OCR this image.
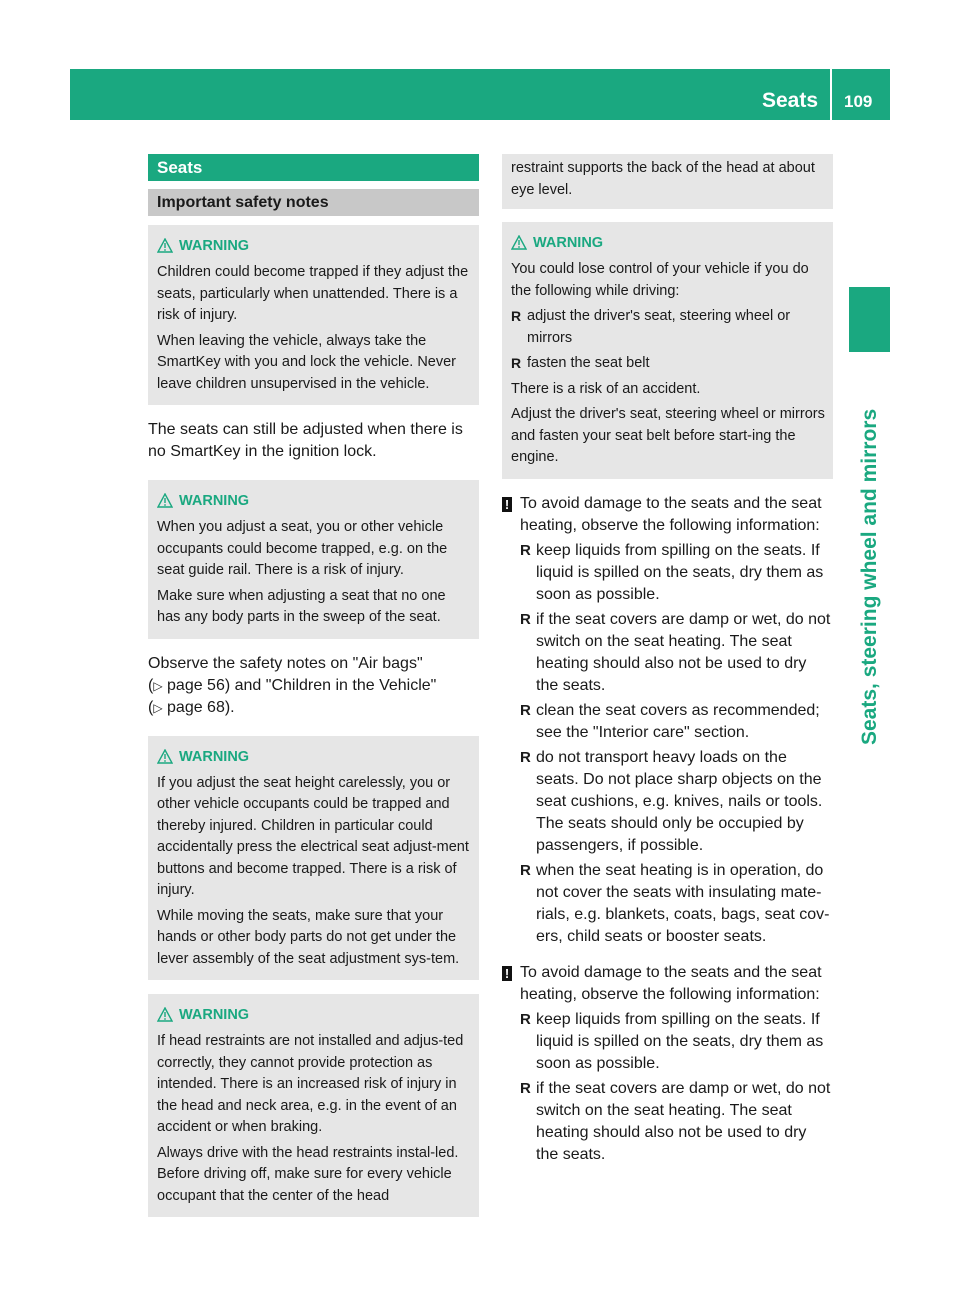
Seats 109
Seats, steering wheel and mirrors
Seats
Important safety notes
WARNING

Children could become trapped if they adjust the seats, particularly when unattended. There is a risk of injury.

When leaving the vehicle, always take the SmartKey with you and lock the vehicle. Never leave children unsupervised in the vehicle.

The seats can still be adjusted when there is no SmartKey in the ignition lock.

WARNING

When you adjust a seat, you or other vehicle occupants could become trapped, e.g. on the seat guide rail. There is a risk of injury.

Make sure when adjusting a seat that no one has any body parts in the sweep of the seat.

Observe the safety notes on "Air bags"
(▷ page 56) and "Children in the Vehicle"
(▷ page 68).

WARNING

If you adjust the seat height carelessly, you or other vehicle occupants could be trapped and thereby injured. Children in particular could accidentally press the electrical seat adjust-ment buttons and become trapped. There is a risk of injury.

While moving the seats, make sure that your hands or other body parts do not get under the lever assembly of the seat adjustment sys-tem.

WARNING

If head restraints are not installed and adjus-ted correctly, they cannot provide protection as intended. There is an increased risk of injury in the head and neck area, e.g. in the event of an accident or when braking.

Always drive with the head restraints instal-led. Before driving off, make sure for every vehicle occupant that the center of the head

restraint supports the back of the head at about eye level.

WARNING

You could lose control of your vehicle if you do the following while driving:

R adjust the driver's seat, steering wheel or mirrors

R fasten the seat belt

There is a risk of an accident.

Adjust the driver's seat, steering wheel or mirrors and fasten your seat belt before start-ing the engine.

! To avoid damage to the seats and the seat heating, observe the following information:

R keep liquids from spilling on the seats. If liquid is spilled on the seats, dry them as soon as possible.

R if the seat covers are damp or wet, do not switch on the seat heating. The seat heating should also not be used to dry the seats.

R clean the seat covers as recommended; see the "Interior care" section.

R do not transport heavy loads on the seats. Do not place sharp objects on the seat cushions, e.g. knives, nails or tools. The seats should only be occupied by passengers, if possible.

R when the seat heating is in operation, do not cover the seats with insulating mate-rials, e.g. blankets, coats, bags, seat cov-ers, child seats or booster seats.

! To avoid damage to the seats and the seat heating, observe the following information:

R keep liquids from spilling on the seats. If liquid is spilled on the seats, dry them as soon as possible.

R if the seat covers are damp or wet, do not switch on the seat heating. The seat heating should also not be used to dry the seats.
